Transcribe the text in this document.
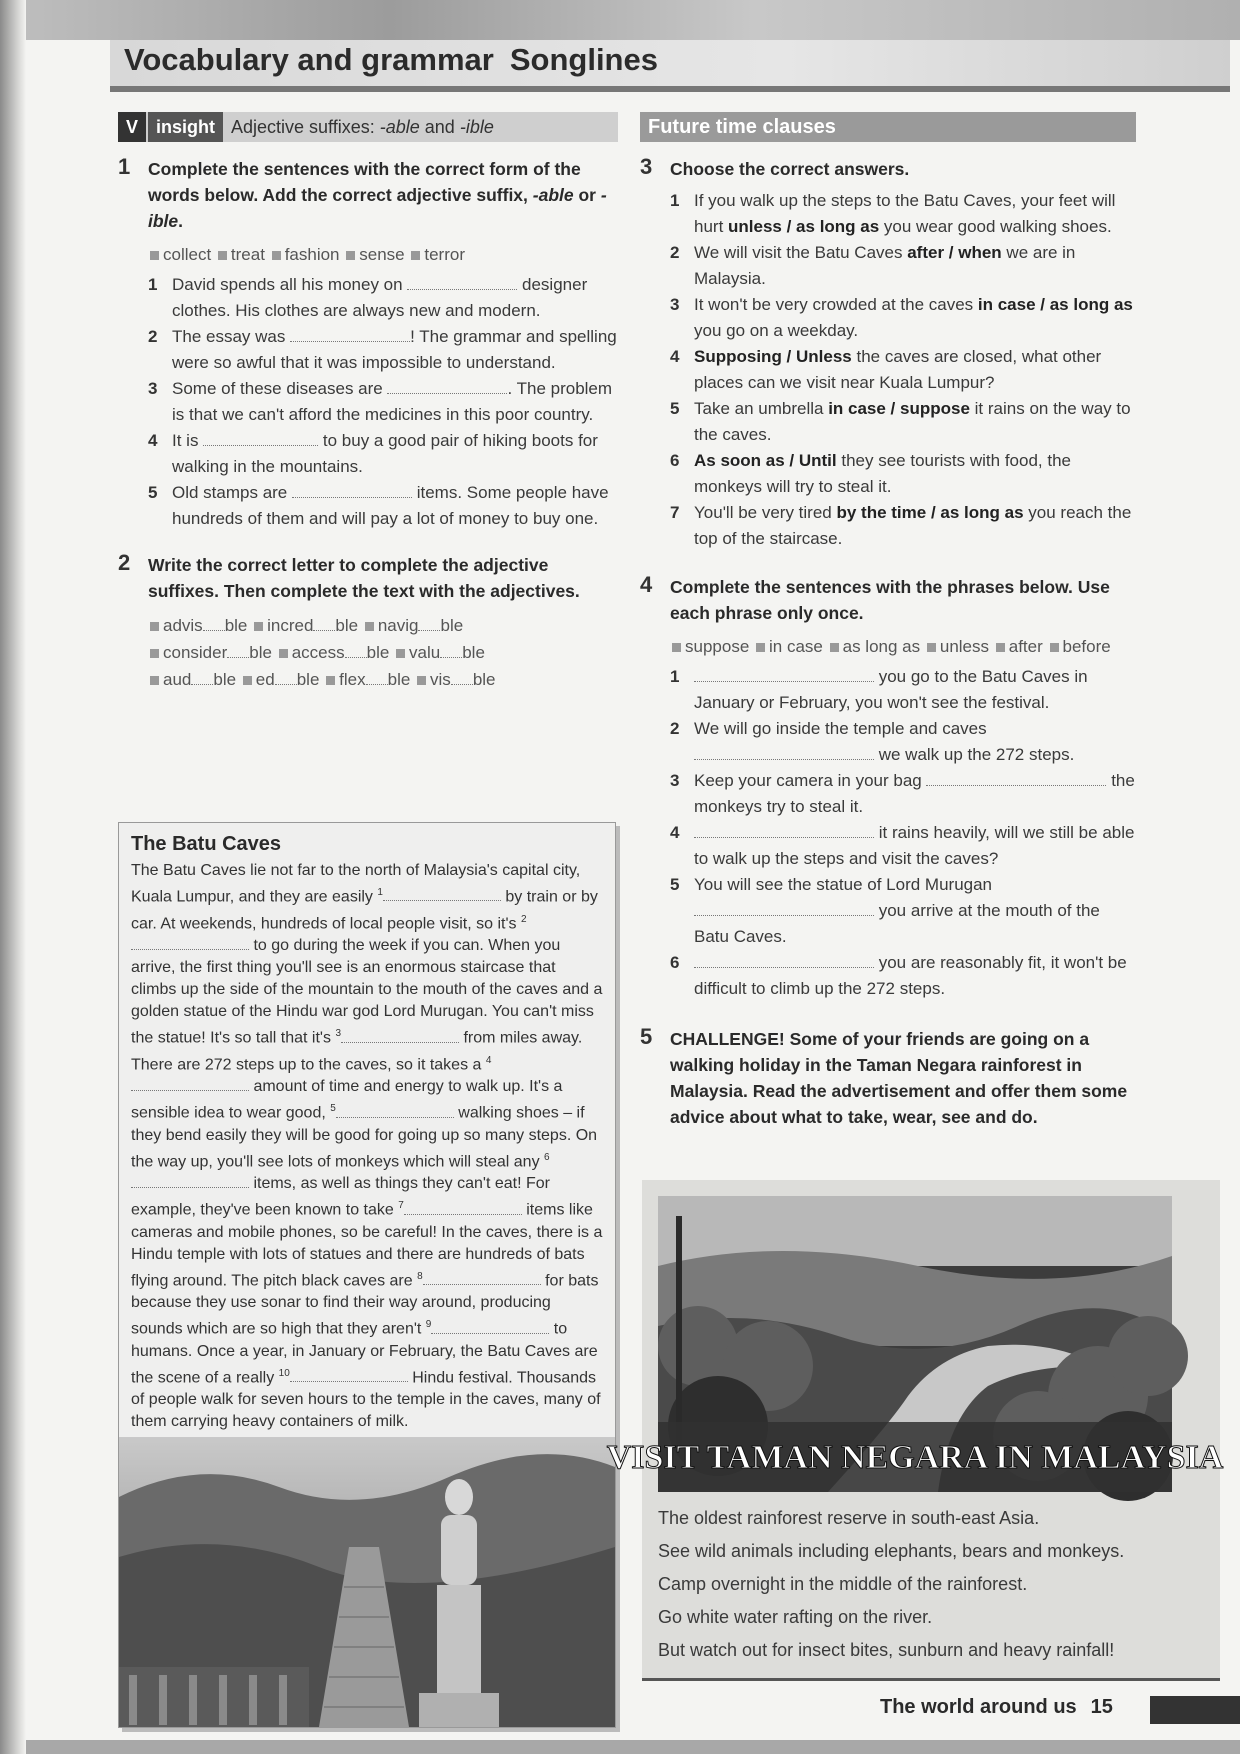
Vocabulary and grammar Songlines
V	insight Adjective suffixes: -able and -ible
1 Complete the sentences with the correct form of the words below. Add the correct adjective suffix, -able or -ible.
collect treat fashion sense terror
1 David spends all his money on	designer clothes. His clothes are always new and modern.
2 The essay was	! The grammar and spelling were so awful that it was impossible to understand.
3 Some of these diseases are	. The problem is that we can't afford the medicines in this poor country.
4 It is	to buy a good pair of hiking boots for walking in the mountains.
5 Old stamps are	items. Some people have hundreds of them and will pay a lot of money to buy one.
2 Write the correct letter to complete the adjective suffixes. Then complete the text with the adjectives.
advis ble incred ble navig ble
consider ble access ble valu ble
aud ble ed ble flex ble vis ble
The Batu Caves
The Batu Caves lie not far to the north of Malaysia's capital city, Kuala Lumpur, and they are easily $^1$	by train or by car. At weekends, hundreds of local people visit, so it's $^2$ to go during the week if you can. When you arrive, the first thing you'll see is an enormous staircase that climbs up the side of the mountain to the mouth of the caves and a golden statue of the Hindu war god Lord Murugan. You can't miss the statue! It's so tall that it's $^3$	from miles away. There are 272 steps up to the caves, so it takes a $^4$ amount of time and energy to walk up. It's a sensible idea to wear good, $^5$	walking shoes – if they bend easily they will be good for going up so many steps. On the way up, you'll see lots of monkeys which will steal any $^6$ items, as well as things they can't eat! For example, they've been known to take $^7$	items like cameras and mobile phones, so be careful! In the caves, there is a Hindu temple with lots of statues and there are hundreds of bats flying around. The pitch black caves are $^8$	for bats because they use sonar to find their way around, producing sounds which are so high that they aren't $^9$	to humans. Once a year, in January or February, the Batu Caves are the scene of a really $^{10}$	Hindu festival. Thousands of people walk for seven hours to the temple in the caves, many of them carrying heavy containers of milk.
Future time clauses
3 Choose the correct answers.
1 If you walk up the steps to the Batu Caves, your feet will hurt unless / as long as you wear good walking shoes.
2 We will visit the Batu Caves after / when we are in Malaysia.
3 It won't be very crowded at the caves in case / as long as you go on a weekday.
4 Supposing / Unless the caves are closed, what other places can we visit near Kuala Lumpur?
5 Take an umbrella in case / suppose it rains on the way to the caves.
6 As soon as / Until they see tourists with food, the monkeys will try to steal it.
7 You'll be very tired by the time / as long as you reach the top of the staircase.
4 Complete the sentences with the phrases below. Use each phrase only once.
suppose in case as long as unless after before
1	you go to the Batu Caves in January or February, you won't see the festival.
2 We will go inside the temple and caves  we walk up the 272 steps.
3 Keep your camera in your bag	the monkeys try to steal it.
4	it rains heavily, will we still be able to walk up the steps and visit the caves?
5 You will see the statue of Lord Murugan  you arrive at the mouth of the Batu Caves.
6	you are reasonably fit, it won't be difficult to climb up the 272 steps.
5 CHALLENGE! Some of your friends are going on a walking holiday in the Taman Negara rainforest in Malaysia. Read the advertisement and offer them some advice about what to take, wear, see and do.
VISIT TAMAN NEGARA IN MALAYSIA
The oldest rainforest reserve in south-east Asia.
See wild animals including elephants, bears and monkeys.
Camp overnight in the middle of the rainforest.
Go white water rafting on the river.
But watch out for insect bites, sunburn and heavy rainfall!
The world around us 15
